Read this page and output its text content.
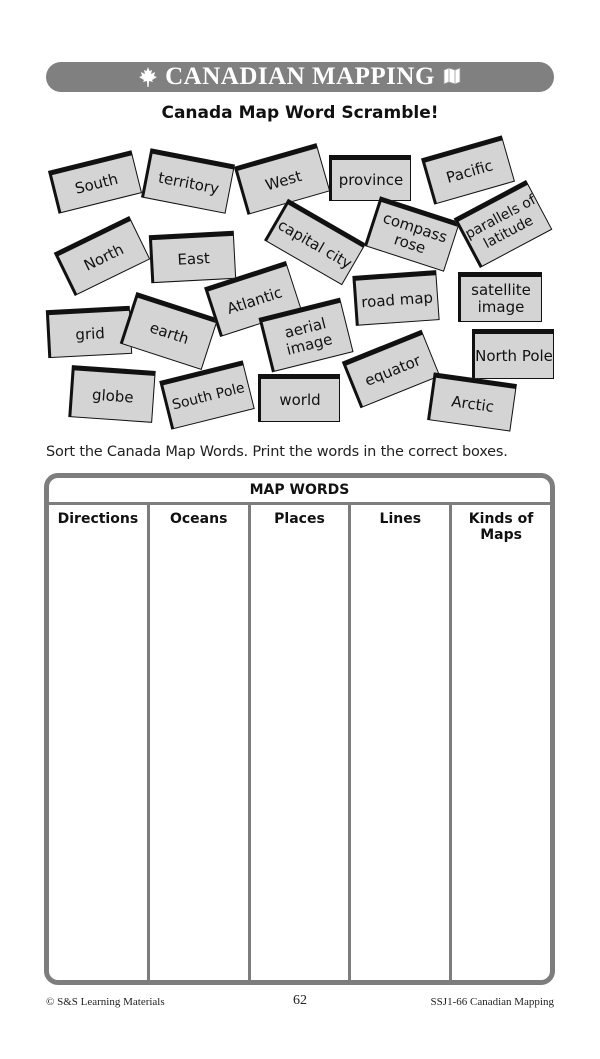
CANADIAN MAPPING
Canada Map Word Scramble!
South	territory	West	province	Pacific
North	East	capital city	compass rose
parallels of latitude
grid	earth
Atlantic
aerial image
road map	satellite image
North Pole
globe	South Pole	world
equator
Arctic
Sort the Canada Map Words. Print the words in the correct boxes.
MAP WORDS
Directions	Oceans	Places	Lines	Kinds of Maps
© S&S Learning Materials	62	SSJ1-66 Canadian Mapping
